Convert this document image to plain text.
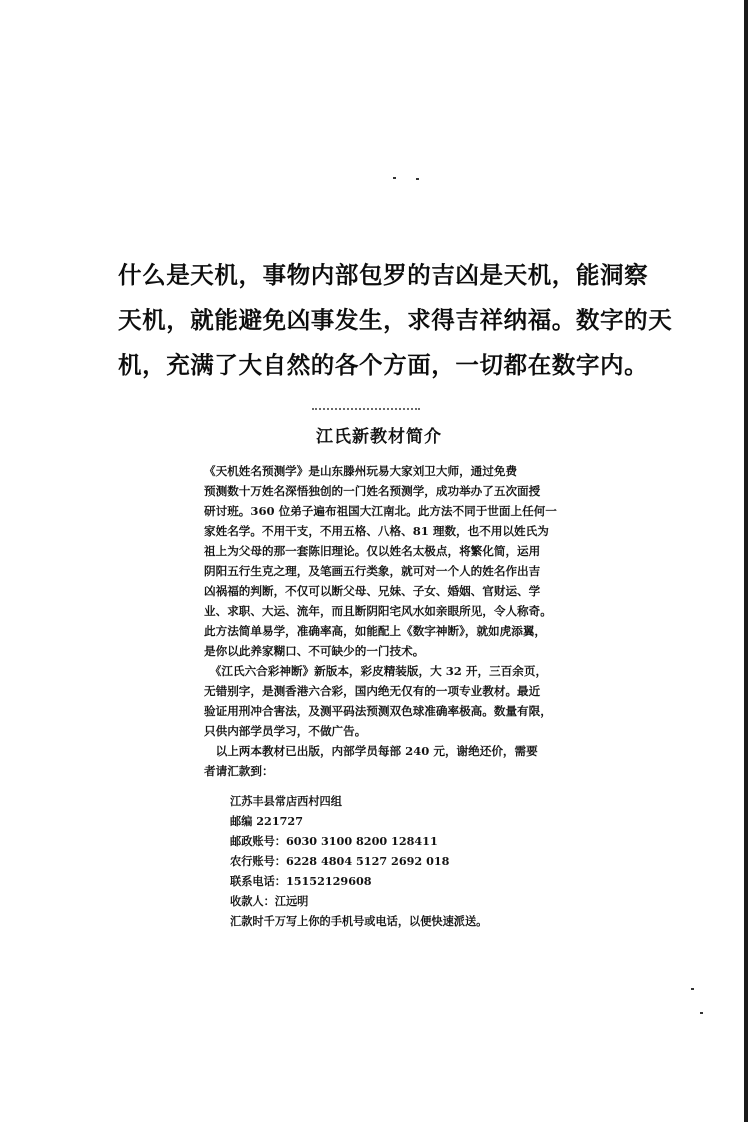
什么是天机，事物内部包罗的吉凶是天机，能洞察
天机，就能避免凶事发生，求得吉祥纳福。数字的天
机，充满了大自然的各个方面，一切都在数字内。
江氏新教材简介
《天机姓名预测学》是山东滕州玩易大家刘卫大师，通过免费
预测数十万姓名深悟独创的一门姓名预测学，成功举办了五次面授
研讨班。360 位弟子遍布祖国大江南北。此方法不同于世面上任何一
家姓名学。不用干支，不用五格、八格、81 理数，也不用以姓氏为
祖上为父母的那一套陈旧理论。仅以姓名太极点，将繁化简，运用
阴阳五行生克之理，及笔画五行类象，就可对一个人的姓名作出吉
凶祸福的判断，不仅可以断父母、兄妹、子女、婚姻、官财运、学
业、求职、大运、流年，而且断阴阳宅风水如亲眼所见，令人称奇。
此方法简单易学，准确率高，如能配上《数字神断》，就如虎添翼，
是你以此养家糊口、不可缺少的一门技术。
　《江氏六合彩神断》新版本，彩皮精装版，大 32 开，三百余页，
无错别字，是测香港六合彩，国内绝无仅有的一项专业教材。最近
验证用刑冲合害法，及测平码法预测双色球准确率极高。数量有限，
只供内部学员学习，不做广告。
　以上两本教材已出版，内部学员每部 240 元，谢绝还价，需要
者请汇款到：
江苏丰县常店西村四组
邮编 221727
邮政账号：6030 3100 8200 128411
农行账号：6228 4804 5127 2692 018
联系电话：15152129608
收款人：江远明
汇款时千万写上你的手机号或电话，以便快速派送。
